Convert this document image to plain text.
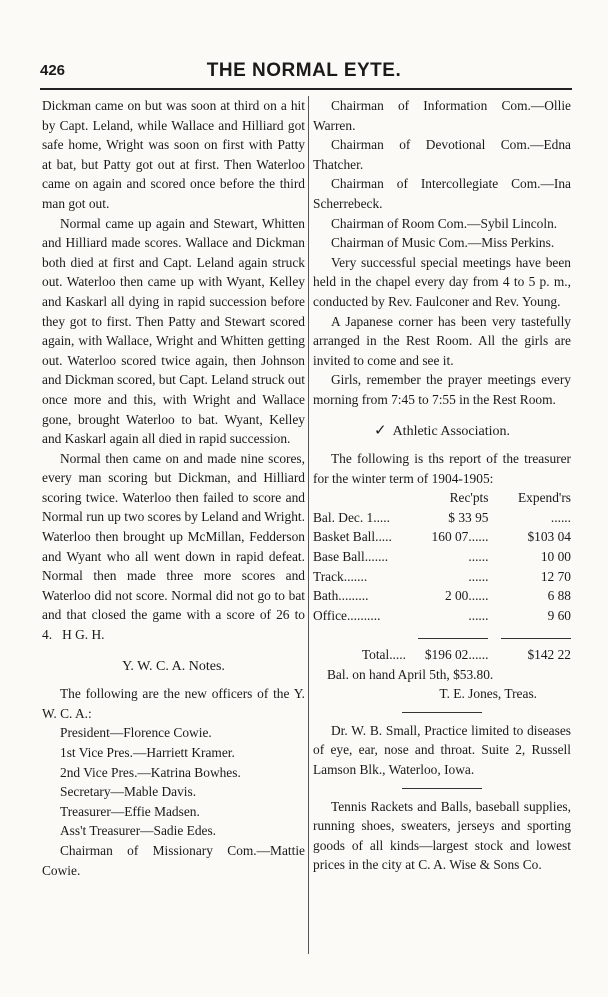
426	THE NORMAL EYTE.

Dickman came on but was soon at third on a hit by Capt. Leland, while Wallace and Hilliard got safe home, Wright was soon on first with Patty at bat, but Patty got out at first. Then Waterloo came on again and scored once before the third man got out.

Normal came up again and Stewart, Whitten and Hilliard made scores. Wallace and Dickman both died at first and Capt. Leland again struck out. Waterloo then came up with Wyant, Kelley and Kaskarl all dying in rapid succession before they got to first. Then Patty and Stewart scored again, with Wallace, Wright and Whitten getting out. Waterloo scored twice again, then Johnson and Dickman scored, but Capt. Leland struck out once more and this, with Wright and Wallace gone, brought Waterloo to bat. Wyant, Kelley and Kaskarl again all died in rapid succession.

Normal then came on and made nine scores, every man scoring but Dickman, and Hilliard scoring twice. Waterloo then failed to score and Normal run up two scores by Leland and Wright. Waterloo then brought up McMillan, Fedderson and Wyant who all went down in rapid defeat. Normal then made three more scores and Waterloo did not score. Normal did not go to bat and that closed the game with a score of 26 to 4. H G. H.

Y. W. C. A. Notes.

The following are the new officers of the Y. W. C. A.:

President—Florence Cowie.

1st Vice Pres.—Harriett Kramer.

2nd Vice Pres.—Katrina Bowhes.

Secretary—Mable Davis.

Treasurer—Effie Madsen.

Ass't Treasurer—Sadie Edes.

Chairman of Missionary Com.—Mattie Cowie.

Chairman of Information Com.—Ollie Warren.

Chairman of Devotional Com.—Edna Thatcher.

Chairman of Intercollegiate Com.—Ina Scherrebeck.

Chairman of Room Com.—Sybil Lincoln.

Chairman of Music Com.—Miss Perkins.

Very successful special meetings have been held in the chapel every day from 4 to 5 p. m., conducted by Rev. Faulconer and Rev. Young.

A Japanese corner has been very tastefully arranged in the Rest Room. All the girls are invited to come and see it.

Girls, remember the prayer meetings every morning from 7:45 to 7:55 in the Rest Room.

✓ Athletic Association.

The following is ths report of the treasurer for the winter term of 1904-1905:

	Rec'pts	Expend'rs
Bal. Dec. 1.....	$ 33 95	......
Basket Ball.....	160 07......	$103 04
Base Ball.......	......	10 00
Track.......	......	12 70
Bath.........	2 00......	6 88
Office..........	......	9 60

Total.....	$196 02......	$142 22

Bal. on hand April 5th, $53.80.

T. E. Jones, Treas.

Dr. W. B. Small, Practice limited to diseases of eye, ear, nose and throat. Suite 2, Russell Lamson Blk., Waterloo, Iowa.

Tennis Rackets and Balls, baseball supplies, running shoes, sweaters, jerseys and sporting goods of all kinds—largest stock and lowest prices in the city at C. A. Wise & Sons Co.
